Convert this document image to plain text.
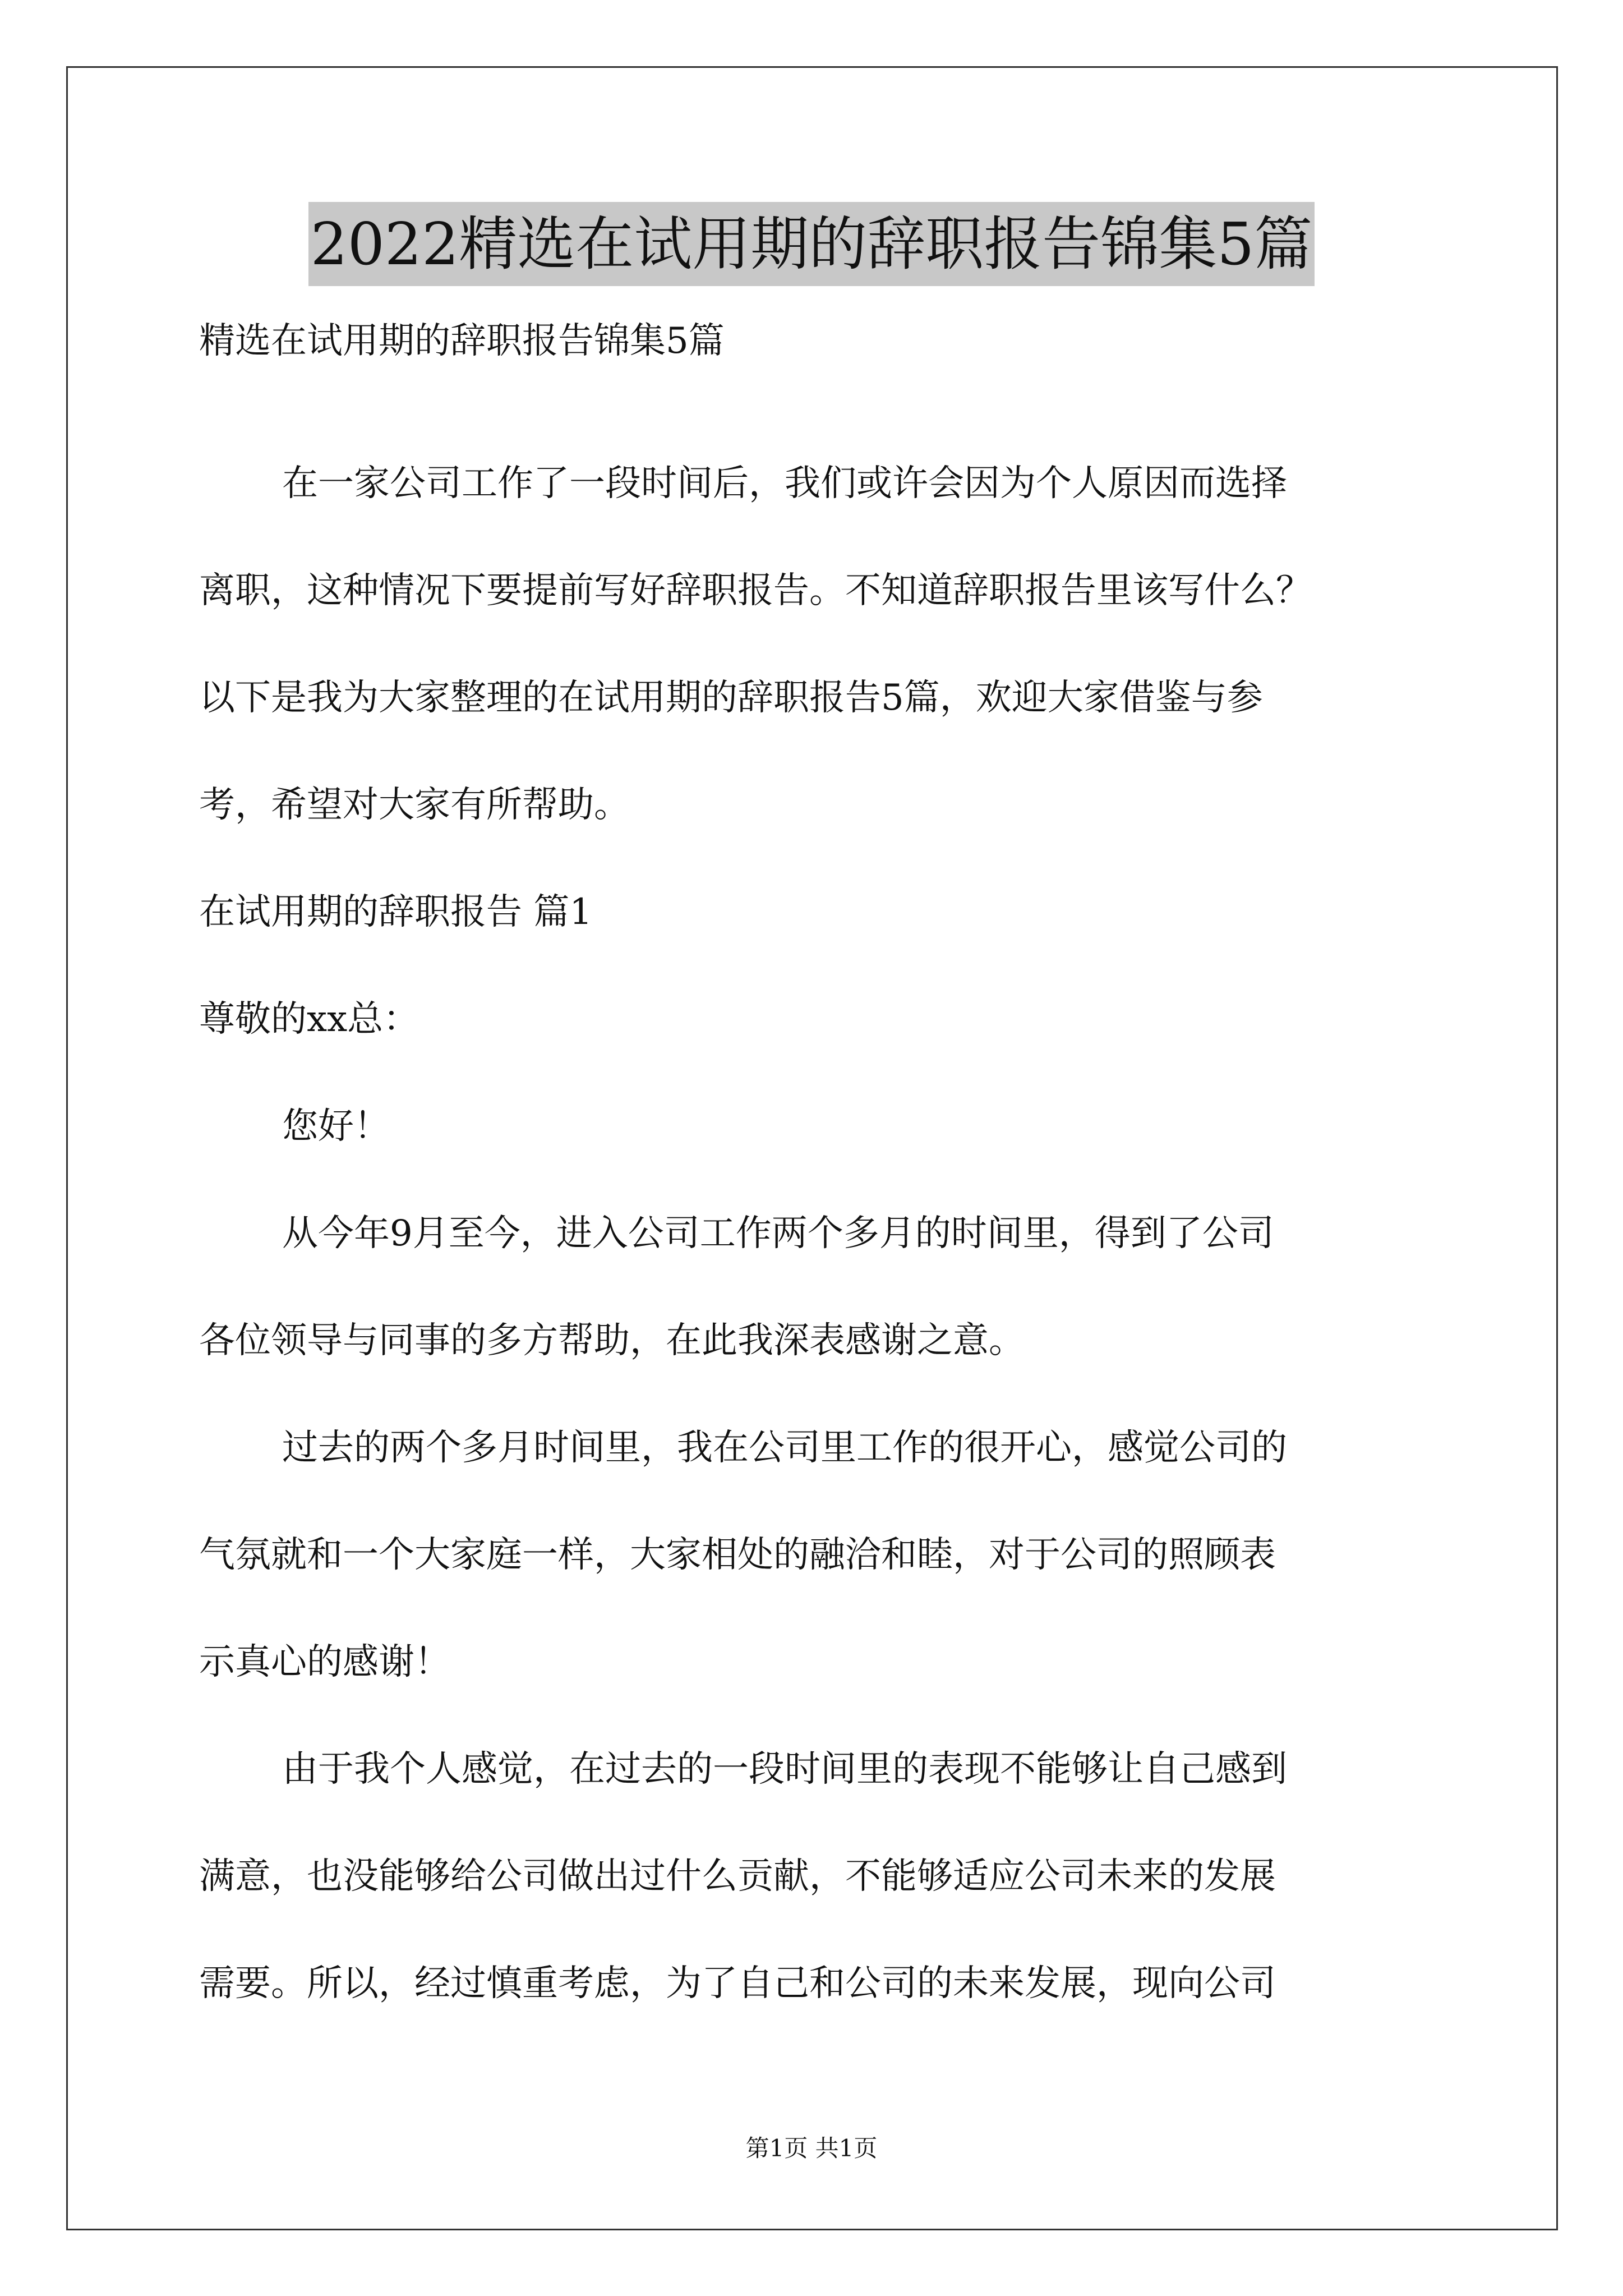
2022精选在试用期的辞职报告锦集5篇
精选在试用期的辞职报告锦集5篇
在一家公司工作了一段时间后，我们或许会因为个人原因而选择
离职，这种情况下要提前写好辞职报告。不知道辞职报告里该写什么？
以下是我为大家整理的在试用期的辞职报告5篇，欢迎大家借鉴与参
考，希望对大家有所帮助。
在试用期的辞职报告 篇1
尊敬的xx总：
您好！
从今年9月至今，进入公司工作两个多月的时间里，得到了公司
各位领导与同事的多方帮助，在此我深表感谢之意。
过去的两个多月时间里，我在公司里工作的很开心，感觉公司的
气氛就和一个大家庭一样，大家相处的融洽和睦，对于公司的照顾表
示真心的感谢！
由于我个人感觉，在过去的一段时间里的表现不能够让自己感到
满意，也没能够给公司做出过什么贡献，不能够适应公司未来的发展
需要。所以，经过慎重考虑，为了自己和公司的未来发展，现向公司
第1页 共1页
